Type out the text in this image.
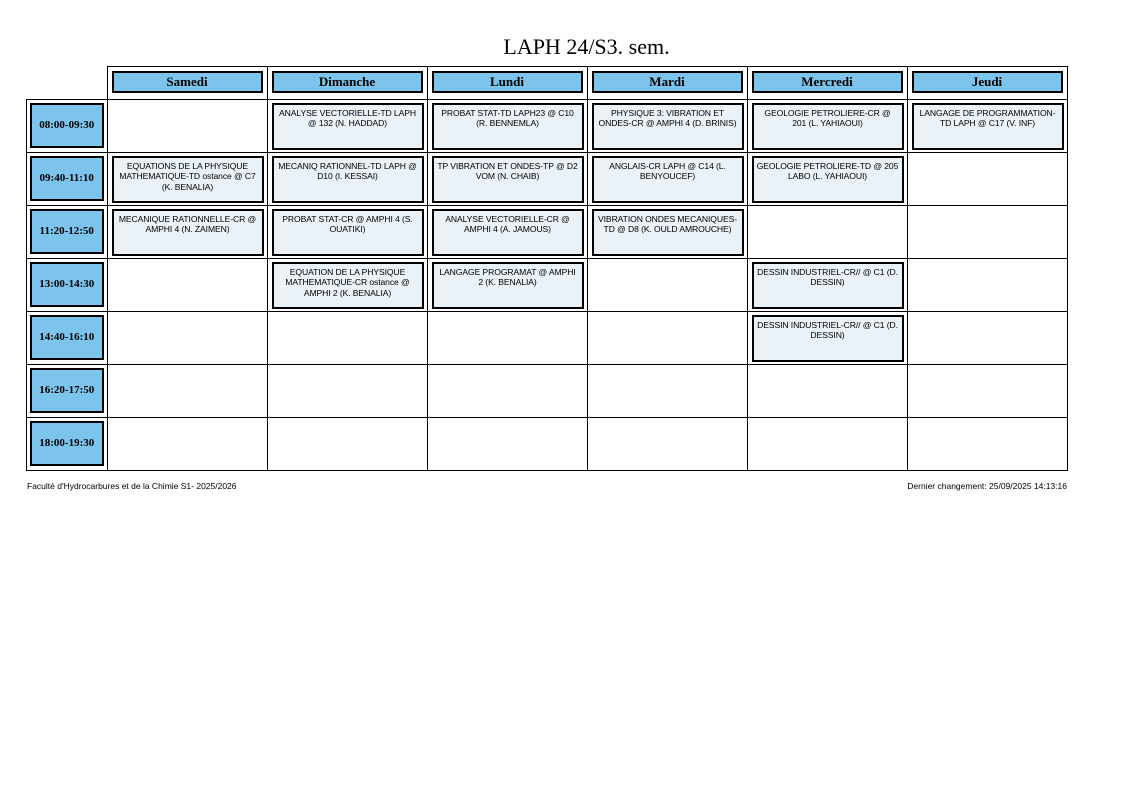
LAPH 24/S3. sem.

Samedi	Dimanche	Lundi	Mardi	Mercredi	Jeudi

08:00-09:30		ANALYSE VECTORIELLE-TD LAPH @ 132 (N. HADDAD)	PROBAT STAT-TD LAPH23 @ C10 (R. BENNEMLA)	PHYSIQUE 3: VIBRATION ET ONDES-CR @ AMPHI 4 (D. BRINIS)	GEOLOGIE PETROLIERE-CR @ 201 (L. YAHIAOUI)	LANGAGE DE PROGRAMMATION-TD LAPH @ C17 (V. INF)

09:40-11:10	EQUATIONS DE LA PHYSIQUE MATHEMATIQUE-TD ostance @ C7 (K. BENALIA)	MECANIQ RATIONNEL-TD LAPH @ D10 (I. KESSAI)	TP VIBRATION ET ONDES-TP @ D2 VOM (N. CHAIB)	ANGLAIS-CR LAPH @ C14 (L. BENYOUCEF)	GEOLOGIE PETROLIERE-TD @ 205 LABO (L. YAHIAOUI)	

11:20-12:50	MECANIQUE RATIONNELLE-CR @ AMPHI 4 (N. ZAIMEN)	PROBAT STAT-CR @ AMPHI 4 (S. OUATIKI)	ANALYSE VECTORIELLE-CR @ AMPHI 4 (A. JAMOUS)	VIBRATION ONDES MECANIQUES-TD @ D8 (K. OULD AMROUCHE)		

13:00-14:30		EQUATION DE LA PHYSIQUE MATHEMATIQUE-CR ostance @ AMPHI 2 (K. BENALIA)	LANGAGE PROGRAMAT @ AMPHI 2 (K. BENALIA)		DESSIN INDUSTRIEL-CR// @ C1 (D. DESSIN)	

14:40-16:10					DESSIN INDUSTRIEL-CR// @ C1 (D. DESSIN)	

16:20-17:50						

18:00-19:30						

Faculté d'Hydrocarbures et de la Chimie S1- 2025/2026	Dernier changement: 25/09/2025 14:13:16
